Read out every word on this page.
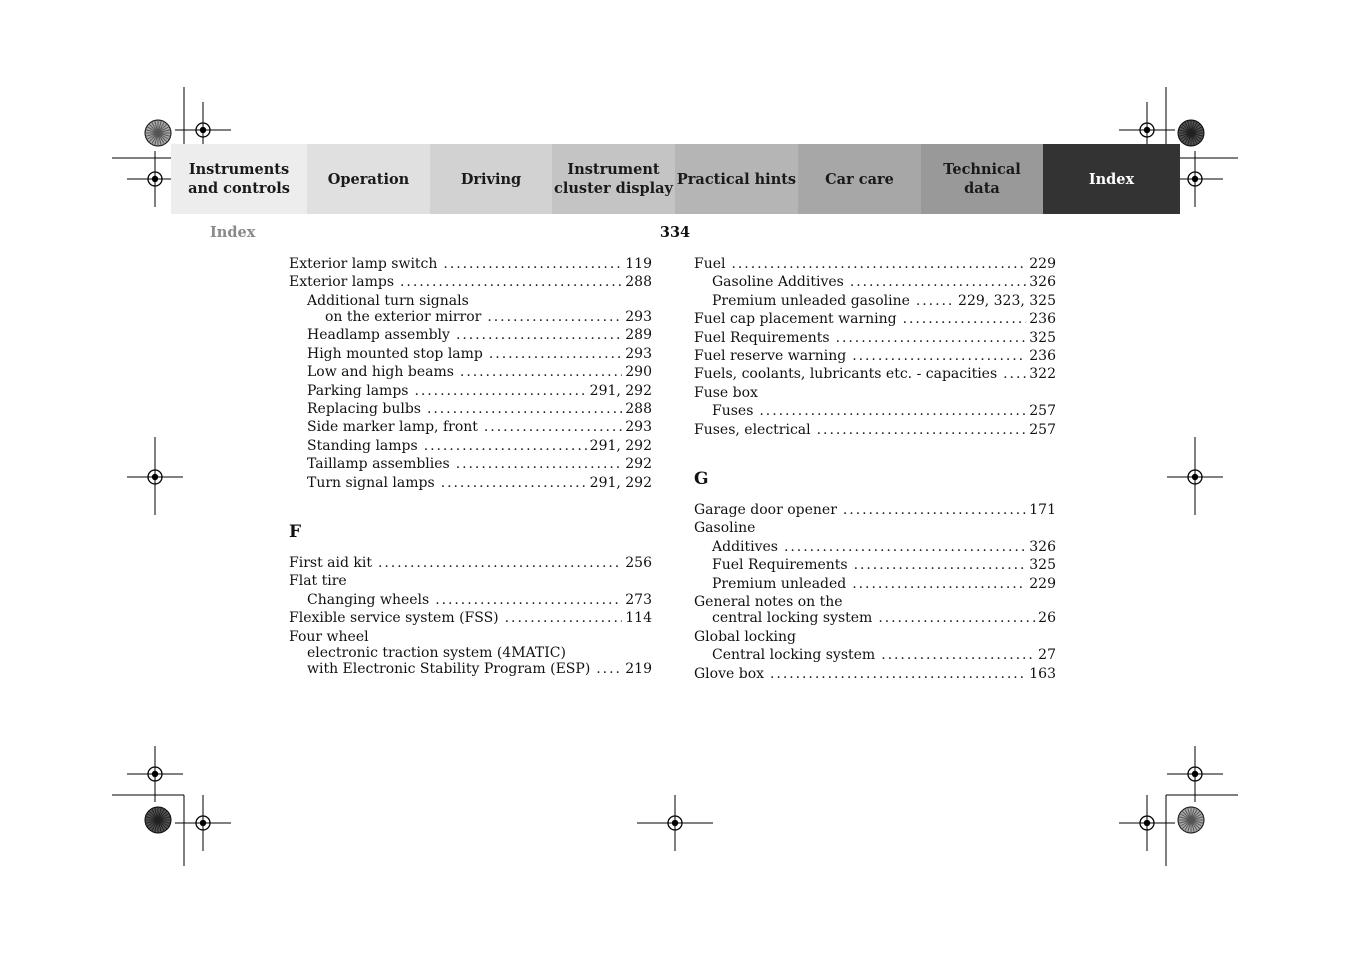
Instruments
and controls
Operation	Driving
Instrument
cluster display
Practical hints	Car care
Technical
data
Index
Index	334
Exterior lamp switch . . .	119
Exterior lamps . . .	288
Additional turn signals
on the exterior mirror . . .	293
Headlamp assembly . . .	289
High mounted stop lamp . . .	293
Low and high beams . . .	290
Parking lamps . . .	291, 292
Replacing bulbs . . .	288
Side marker lamp, front . . .	293
Standing lamps . . .	291, 292
Taillamp assemblies . . .	292
Turn signal lamps . . .	291, 292
F
First aid kit . . .	256
Flat tire
Changing wheels . . .	273
Flexible service system (FSS) . . .	114
Four wheel
electronic traction system (4MATIC)
with Electronic Stability Program (ESP) . . . 219
Fuel . . .	229
Gasoline Additives . . .	326
Premium unleaded gasoline . . .	229, 323, 325
Fuel cap placement warning . . .	236
Fuel Requirements . . .	325
Fuel reserve warning . . .	236
Fuels, coolants, lubricants etc. - capacities . . . 322
Fuse box
Fuses . . .	257
Fuses, electrical . . .	257
G
Garage door opener . . .	171
Gasoline
Additives . . .	326
Fuel Requirements . . .	325
Premium unleaded . . .	229
General notes on the
central locking system . . .	26
Global locking
Central locking system . . .	27
Glove box . . .	163
